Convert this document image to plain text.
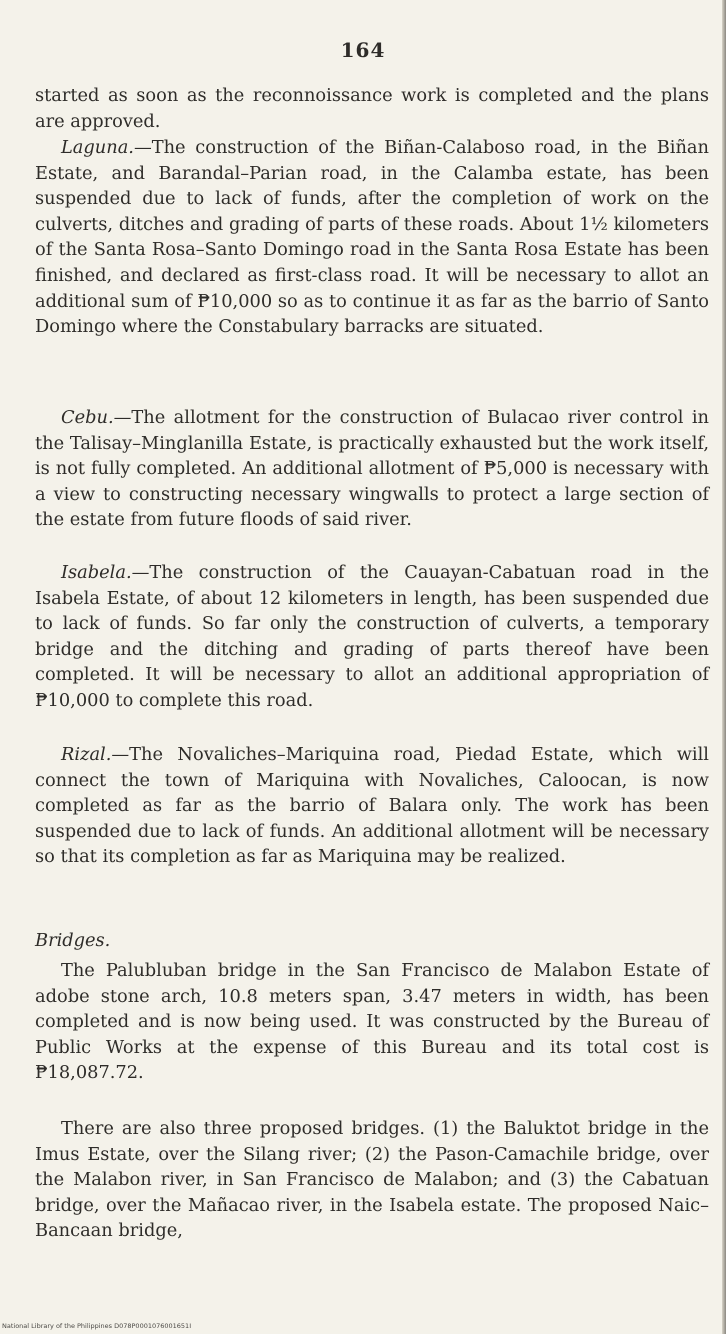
164

started as soon as the reconnoissance work is completed and the plans are approved.

Laguna.—The construction of the Biñan-Calaboso road, in the Biñan Estate, and Barandal–Parian road, in the Calamba estate, has been suspended due to lack of funds, after the completion of work on the culverts, ditches and grading of parts of these roads. About 1½ kilometers of the Santa Rosa–Santo Domingo road in the Santa Rosa Estate has been finished, and declared as first-class road. It will be necessary to allot an additional sum of ₱10,000 so as to continue it as far as the barrio of Santo Domingo where the Constabulary barracks are situated.

Cebu.—The allotment for the construction of Bulacao river control in the Talisay–Minglanilla Estate, is practically exhausted but the work itself, is not fully completed. An additional allotment of ₱5,000 is necessary with a view to constructing necessary wingwalls to protect a large section of the estate from future floods of said river.

Isabela.—The construction of the Cauayan-Cabatuan road in the Isabela Estate, of about 12 kilometers in length, has been suspended due to lack of funds. So far only the construction of culverts, a temporary bridge and the ditching and grading of parts thereof have been completed. It will be necessary to allot an additional appropriation of ₱10,000 to complete this road.

Rizal.—The Novaliches–Mariquina road, Piedad Estate, which will connect the town of Mariquina with Novaliches, Caloocan, is now completed as far as the barrio of Balara only. The work has been suspended due to lack of funds. An additional allotment will be necessary so that its completion as far as Mariquina may be realized.

Bridges.

The Palubluban bridge in the San Francisco de Malabon Estate of adobe stone arch, 10.8 meters span, 3.47 meters in width, has been completed and is now being used. It was constructed by the Bureau of Public Works at the expense of this Bureau and its total cost is ₱18,087.72.

There are also three proposed bridges. (1) the Baluktot bridge in the Imus Estate, over the Silang river; (2) the Pason-Camachile bridge, over the Malabon river, in San Francisco de Malabon; and (3) the Cabatuan bridge, over the Mañacao river, in the Isabela estate. The proposed Naic–Bancaan bridge,

National Library of the Philippines D078P0001076001651I
